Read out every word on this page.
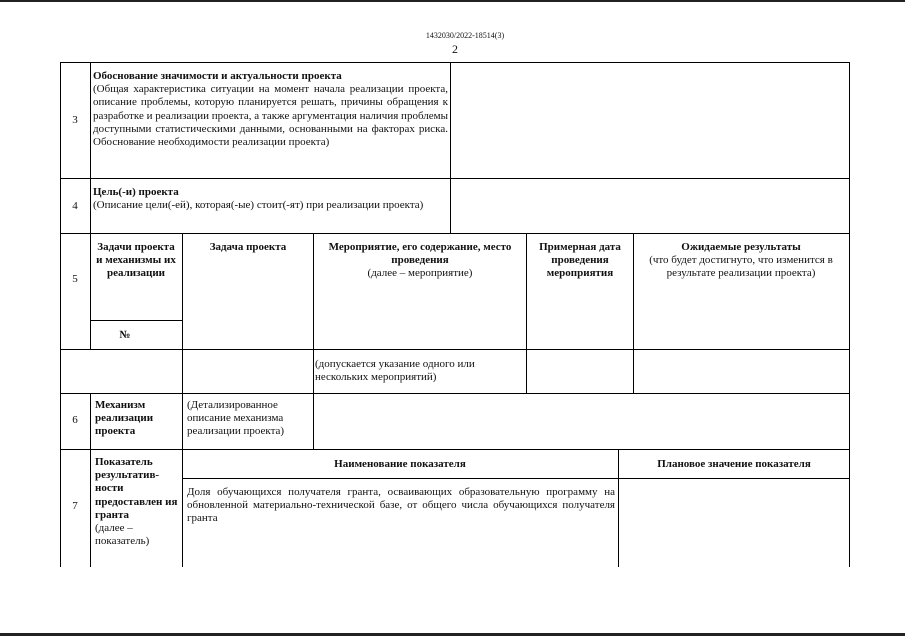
1432030/2022-18514(3)
2
3
Обоснование значимости и актуальности проекта
(Общая характеристика ситуации на момент начала реализации проекта, описание проблемы, которую планируется решать, причины обращения к разработке и реализации проекта, а также аргументация наличия проблемы доступными статистическими данными, основанными на факторах риска. Обоснование необходимости реализации проекта)
4
Цель(-и) проекта
(Описание цели(-ей), которая(-ые) стоит(-ят) при реализации проекта)
5
Задачи проекта и механизмы их реализации
№
Задача проекта	Мероприятие, его содержание, место проведения
(далее – мероприятие)
Примерная дата проведения мероприятия
Ожидаемые результаты
(что будет достигнуто, что изменится в результате реализации проекта)
(допускается указание одного или нескольких мероприятий)
6
Механизм реализации проекта
(Детализированное описание механизма реализации проекта)
7
Показатель результатив-ности предоставлен ия гранта
(далее – показатель)
Наименование показателя	Плановое значение показателя
Доля обучающихся получателя гранта, осваивающих образовательную программу на обновленной материально-технической базе, от общего числа обучающихся получателя гранта
